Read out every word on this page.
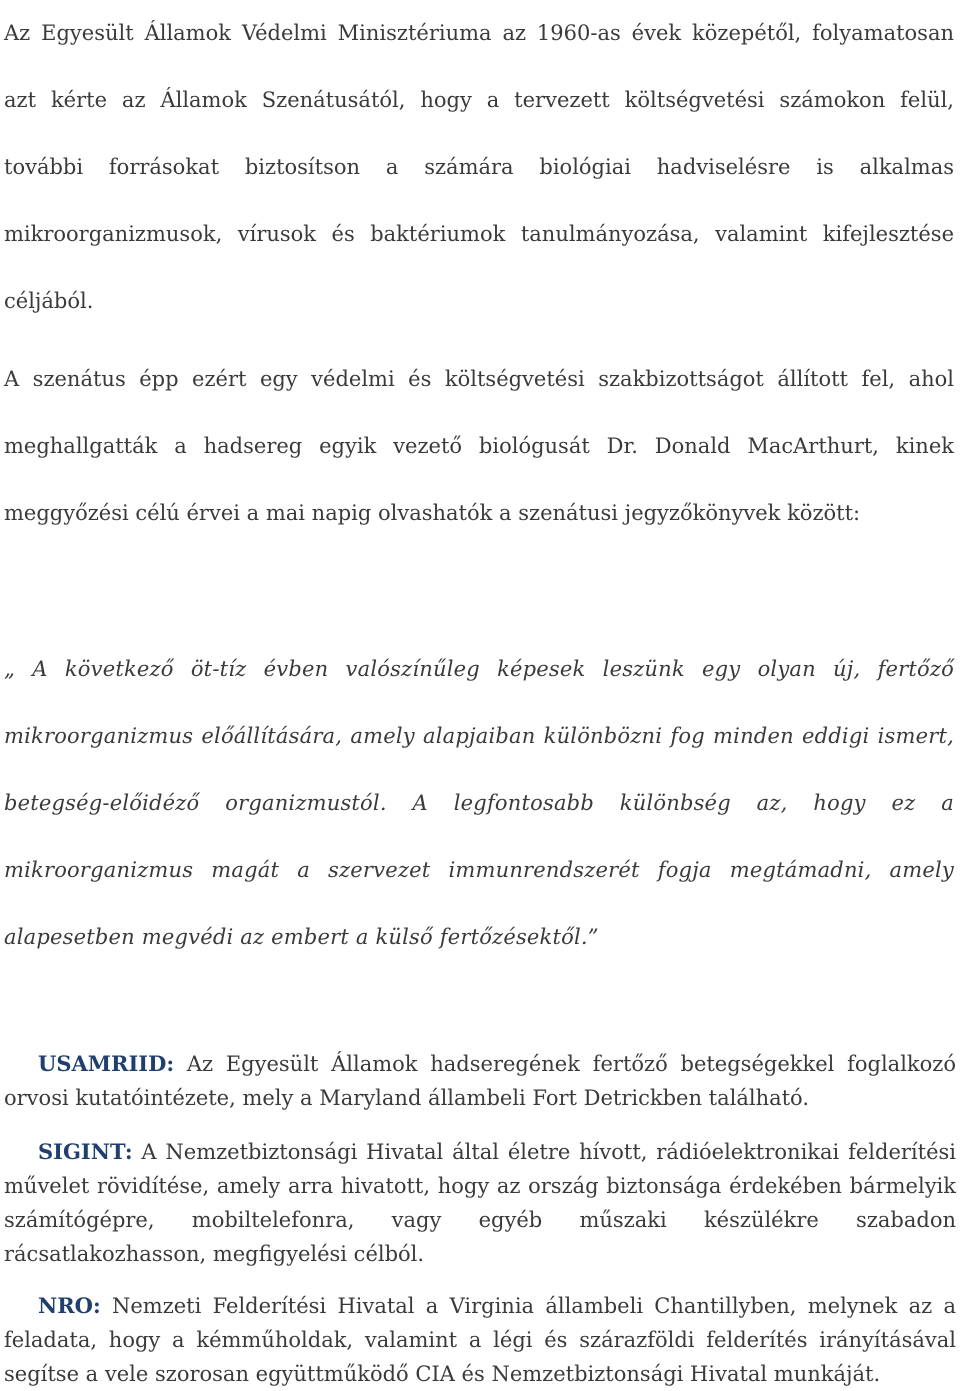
Az Egyesült Államok Védelmi Minisztériuma az 1960-as évek közepétől, folyamatosan azt kérte az Államok Szenátusától, hogy a tervezett költségvetési számokon felül, további forrásokat biztosítson a számára biológiai hadviselésre is alkalmas mikroorganizmusok, vírusok és baktériumok tanulmányozása, valamint kifejlesztése céljából.

A szenátus épp ezért egy védelmi és költségvetési szakbizottságot állított fel, ahol meghallgatták a hadsereg egyik vezető biológusát Dr. Donald MacArthurt, kinek meggyőzési célú érvei a mai napig olvashatók a szenátusi jegyzőkönyvek között:

„ A következő öt-tíz évben valószínűleg képesek leszünk egy olyan új, fertőző mikroorganizmus előállítására, amely alapjaiban különbözni fog minden eddigi ismert, betegség-előidéző organizmustól. A legfontosabb különbség az, hogy ez a mikroorganizmus magát a szervezet immunrendszerét fogja megtámadni, amely alapesetben megvédi az embert a külső fertőzésektől.”

USAMRIID: Az Egyesült Államok hadseregének fertőző betegségekkel foglalkozó orvosi kutatóintézete, mely a Maryland állambeli Fort Detrickben található.

SIGINT: A Nemzetbiztonsági Hivatal által életre hívott, rádióelektronikai felderítési művelet rövidítése, amely arra hivatott, hogy az ország biztonsága érdekében bármelyik számítógépre, mobiltelefonra, vagy egyéb műszaki készülékre szabadon rácsatlakozhasson, megfigyelési célból.

NRO: Nemzeti Felderítési Hivatal a Virginia állambeli Chantillyben, melynek az a feladata, hogy a kémműholdak, valamint a légi és szárazföldi felderítés irányításával segítse a vele szorosan együttműködő CIA és Nemzetbiztonsági Hivatal munkáját.
